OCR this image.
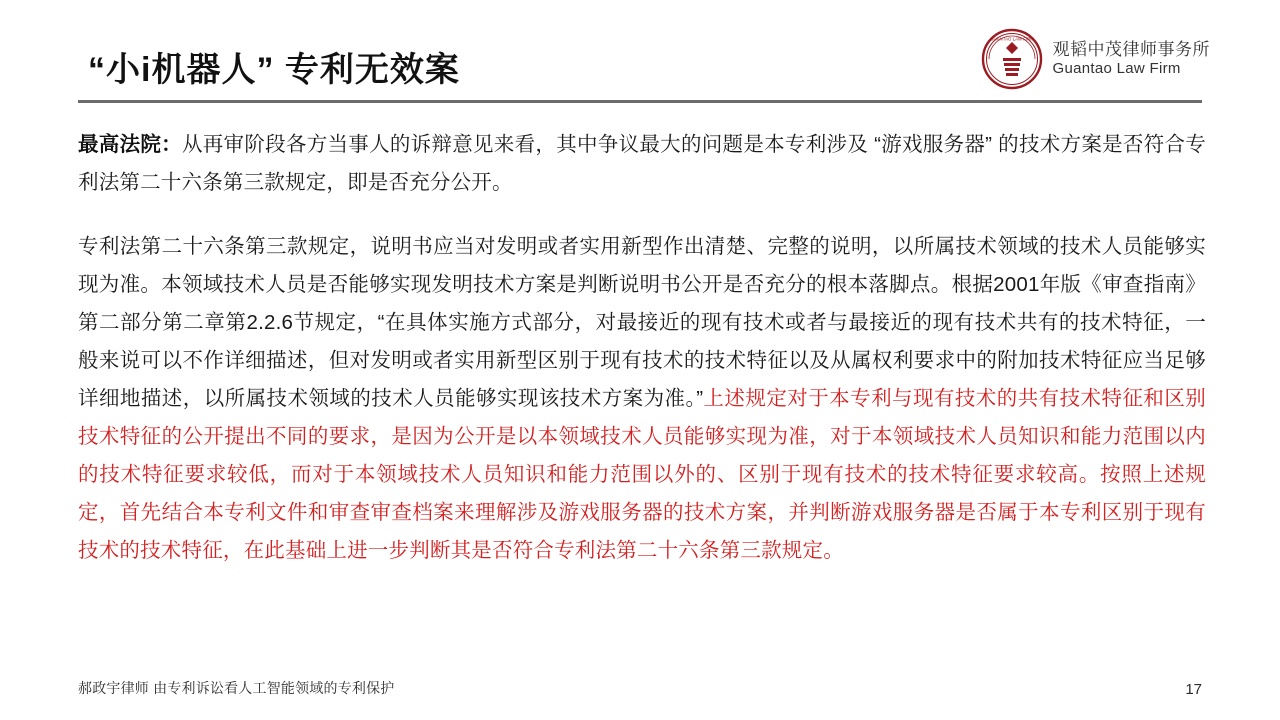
“小i机器人” 专利无效案
GUANTAO LAW FIRM
观韬中茂律师事务所
Guantao Law Firm

最高法院：从再审阶段各方当事人的诉辩意见来看，其中争议最大的问题是本专利涉及 “游戏服务器” 的技术方案是否符合专利法第二十六条第三款规定，即是否充分公开。

专利法第二十六条第三款规定，说明书应当对发明或者实用新型作出清楚、完整的说明，以所属技术领域的技术人员能够实现为准。本领域技术人员是否能够实现发明技术方案是判断说明书公开是否充分的根本落脚点。根据2001年版《审查指南》第二部分第二章第2.2.6节规定，“在具体实施方式部分，对最接近的现有技术或者与最接近的现有技术共有的技术特征，一般来说可以不作详细描述，但对发明或者实用新型区别于现有技术的技术特征以及从属权利要求中的附加技术特征应当足够详细地描述，以所属技术领域的技术人员能够实现该技术方案为准。”上述规定对于本专利与现有技术的共有技术特征和区别技术特征的公开提出不同的要求，是因为公开是以本领域技术人员能够实现为准，对于本领域技术人员知识和能力范围以内的技术特征要求较低，而对于本领域技术人员知识和能力范围以外的、区别于现有技术的技术特征要求较高。按照上述规定，首先结合本专利文件和审查审查档案来理解涉及游戏服务器的技术方案，并判断游戏服务器是否属于本专利区别于现有技术的技术特征，在此基础上进一步判断其是否符合专利法第二十六条第三款规定。

郝政宇律师 由专利诉讼看人工智能领域的专利保护	17
